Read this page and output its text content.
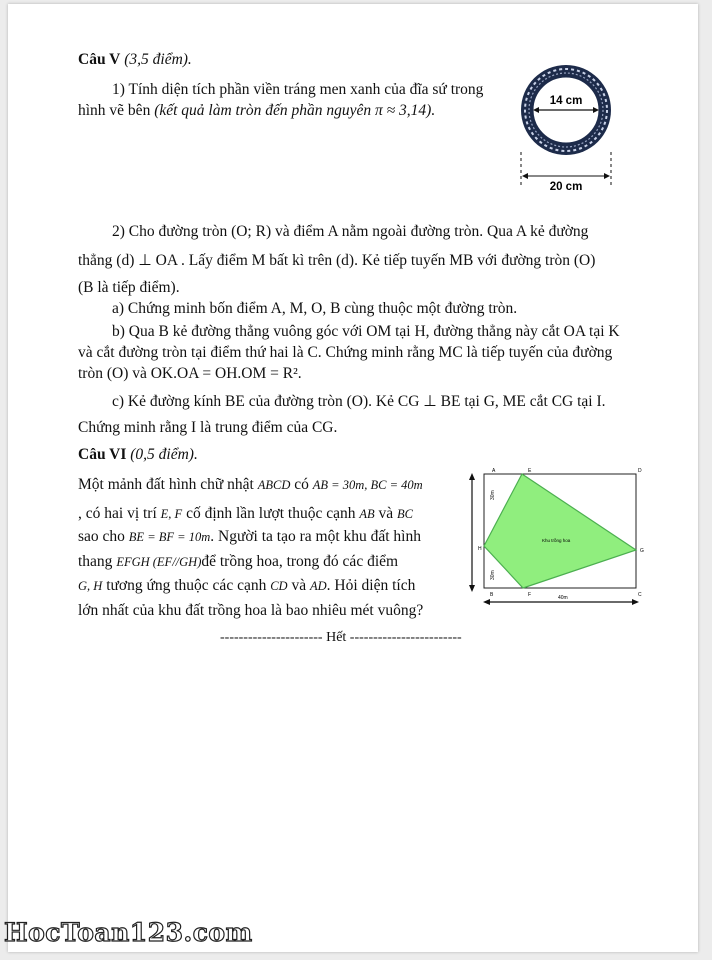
Câu V (3,5 điểm).
1) Tính diện tích phần viền tráng men xanh của đĩa sứ trong
hình vẽ bên (kết quả làm tròn đến phần nguyên π ≈ 3,14).
14 cm
20 cm
2) Cho đường tròn (O; R) và điểm A nằm ngoài đường tròn. Qua A kẻ đường
thẳng (d) ⊥ OA . Lấy điểm M bất kì trên (d). Kẻ tiếp tuyến MB với đường tròn (O)
(B là tiếp điểm).
a) Chứng minh bốn điểm A, M, O, B cùng thuộc một đường tròn.
b) Qua B kẻ đường thẳng vuông góc với OM tại H, đường thẳng này cắt OA tại K
và cắt đường tròn tại điểm thứ hai là C. Chứng minh rằng MC là tiếp tuyến của đường
tròn (O) và OK.OA = OH.OM = R².
c) Kẻ đường kính BE của đường tròn (O). Kẻ CG ⊥ BE tại G, ME cắt CG tại I.
Chứng minh rằng I là trung điểm của CG.
Câu VI (0,5 điểm).
Một mảnh đất hình chữ nhật ABCD có AB = 30m, BC = 40m
, có hai vị trí E, F cố định lần lượt thuộc cạnh AB và BC
sao cho BE = BF = 10m. Người ta tạo ra một khu đất hình
thang EFGH (EF//GH)để trồng hoa, trong đó các điểm
G, H tương ứng thuộc các cạnh CD và AD. Hỏi diện tích
lớn nhất của khu đất trồng hoa là bao nhiêu mét vuông?
30m
30m
A	E	D
H	G
B	F	C
Khu trồng hoa
40m
---------------------- Hết ------------------------
HocToan123.com
